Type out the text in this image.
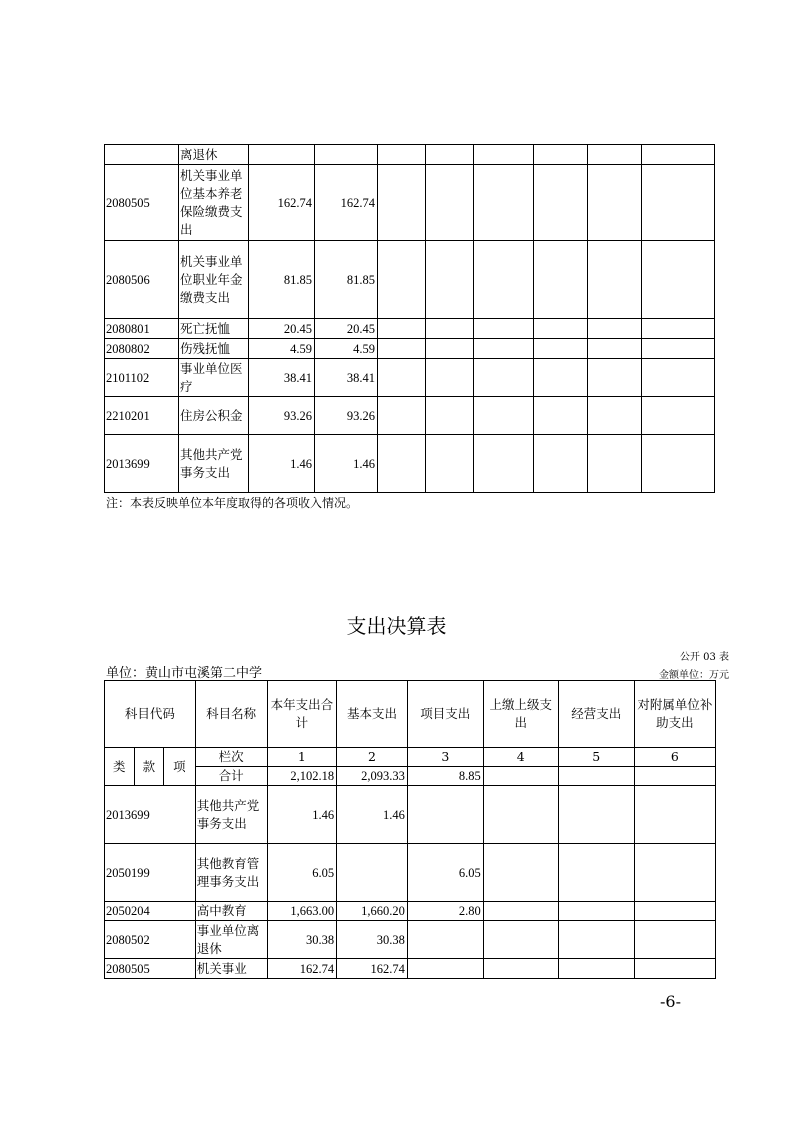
	离退休								
2080505	机关事业单位基本养老保险缴费支出	162.74	162.74						
2080506	机关事业单位职业年金缴费支出	81.85	81.85						
2080801	死亡抚恤	20.45	20.45						
2080802	伤残抚恤	4.59	4.59						
2101102	事业单位医疗	38.41	38.41						
2210201	住房公积金	93.26	93.26						
2013699	其他共产党事务支出	1.46	1.46						
注：本表反映单位本年度取得的各项收入情况。
支出决算表
公开 03 表
单位：黄山市屯溪第二中学	金额单位：万元
科目代码			科目名称	本年支出合计	基本支出	项目支出	上缴上级支出	经营支出	对附属单位补助支出
类	款	项	栏次	1	2	3	4	5	6
			合计	2,102.18	2,093.33	8.85			
2013699			其他共产党事务支出	1.46	1.46				
2050199			其他教育管理事务支出	6.05		6.05			
2050204			高中教育	1,663.00	1,660.20	2.80			
2080502			事业单位离退休	30.38	30.38				
2080505			机关事业	162.74	162.74				
-6-
